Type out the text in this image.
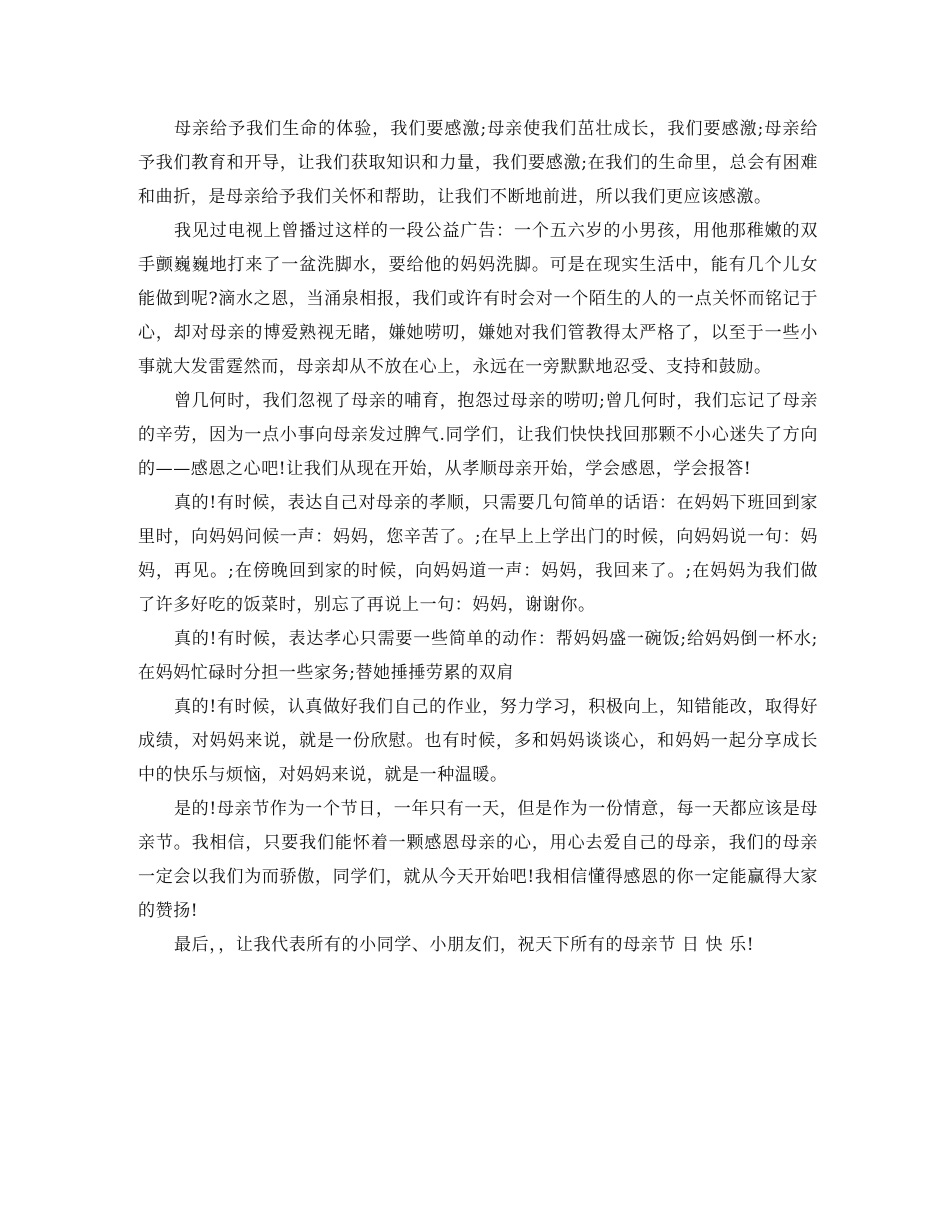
母亲给予我们生命的体验，我们要感激;母亲使我们茁壮成长，我们要感激;母亲给予我们教育和开导，让我们获取知识和力量，我们要感激;在我们的生命里，总会有困难和曲折，是母亲给予我们关怀和帮助，让我们不断地前进，所以我们更应该感激。

我见过电视上曾播过这样的一段公益广告：一个五六岁的小男孩，用他那稚嫩的双手颤巍巍地打来了一盆洗脚水，要给他的妈妈洗脚。可是在现实生活中，能有几个儿女能做到呢?滴水之恩，当涌泉相报，我们或许有时会对一个陌生的人的一点关怀而铭记于心，却对母亲的博爱熟视无睹，嫌她唠叨，嫌她对我们管教得太严格了，以至于一些小事就大发雷霆然而，母亲却从不放在心上，永远在一旁默默地忍受、支持和鼓励。

曾几何时，我们忽视了母亲的哺育，抱怨过母亲的唠叨;曾几何时，我们忘记了母亲的辛劳，因为一点小事向母亲发过脾气.同学们，让我们快快找回那颗不小心迷失了方向的——感恩之心吧!让我们从现在开始，从孝顺母亲开始，学会感恩，学会报答!

真的!有时候，表达自己对母亲的孝顺，只需要几句简单的话语：在妈妈下班回到家里时，向妈妈问候一声：妈妈，您辛苦了。;在早上上学出门的时候，向妈妈说一句：妈妈，再见。;在傍晚回到家的时候，向妈妈道一声：妈妈，我回来了。;在妈妈为我们做了许多好吃的饭菜时，别忘了再说上一句：妈妈，谢谢你。

真的!有时候，表达孝心只需要一些简单的动作：帮妈妈盛一碗饭;给妈妈倒一杯水;在妈妈忙碌时分担一些家务;替她捶捶劳累的双肩

真的!有时候，认真做好我们自己的作业，努力学习，积极向上，知错能改，取得好成绩，对妈妈来说，就是一份欣慰。也有时候，多和妈妈谈谈心，和妈妈一起分享成长中的快乐与烦恼，对妈妈来说，就是一种温暖。

是的!母亲节作为一个节日，一年只有一天，但是作为一份情意，每一天都应该是母亲节。我相信，只要我们能怀着一颗感恩母亲的心，用心去爱自己的母亲，我们的母亲一定会以我们为而骄傲，同学们，就从今天开始吧!我相信懂得感恩的你一定能赢得大家的赞扬!

最后，，让我代表所有的小同学、小朋友们，祝天下所有的母亲节 日 快 乐!
